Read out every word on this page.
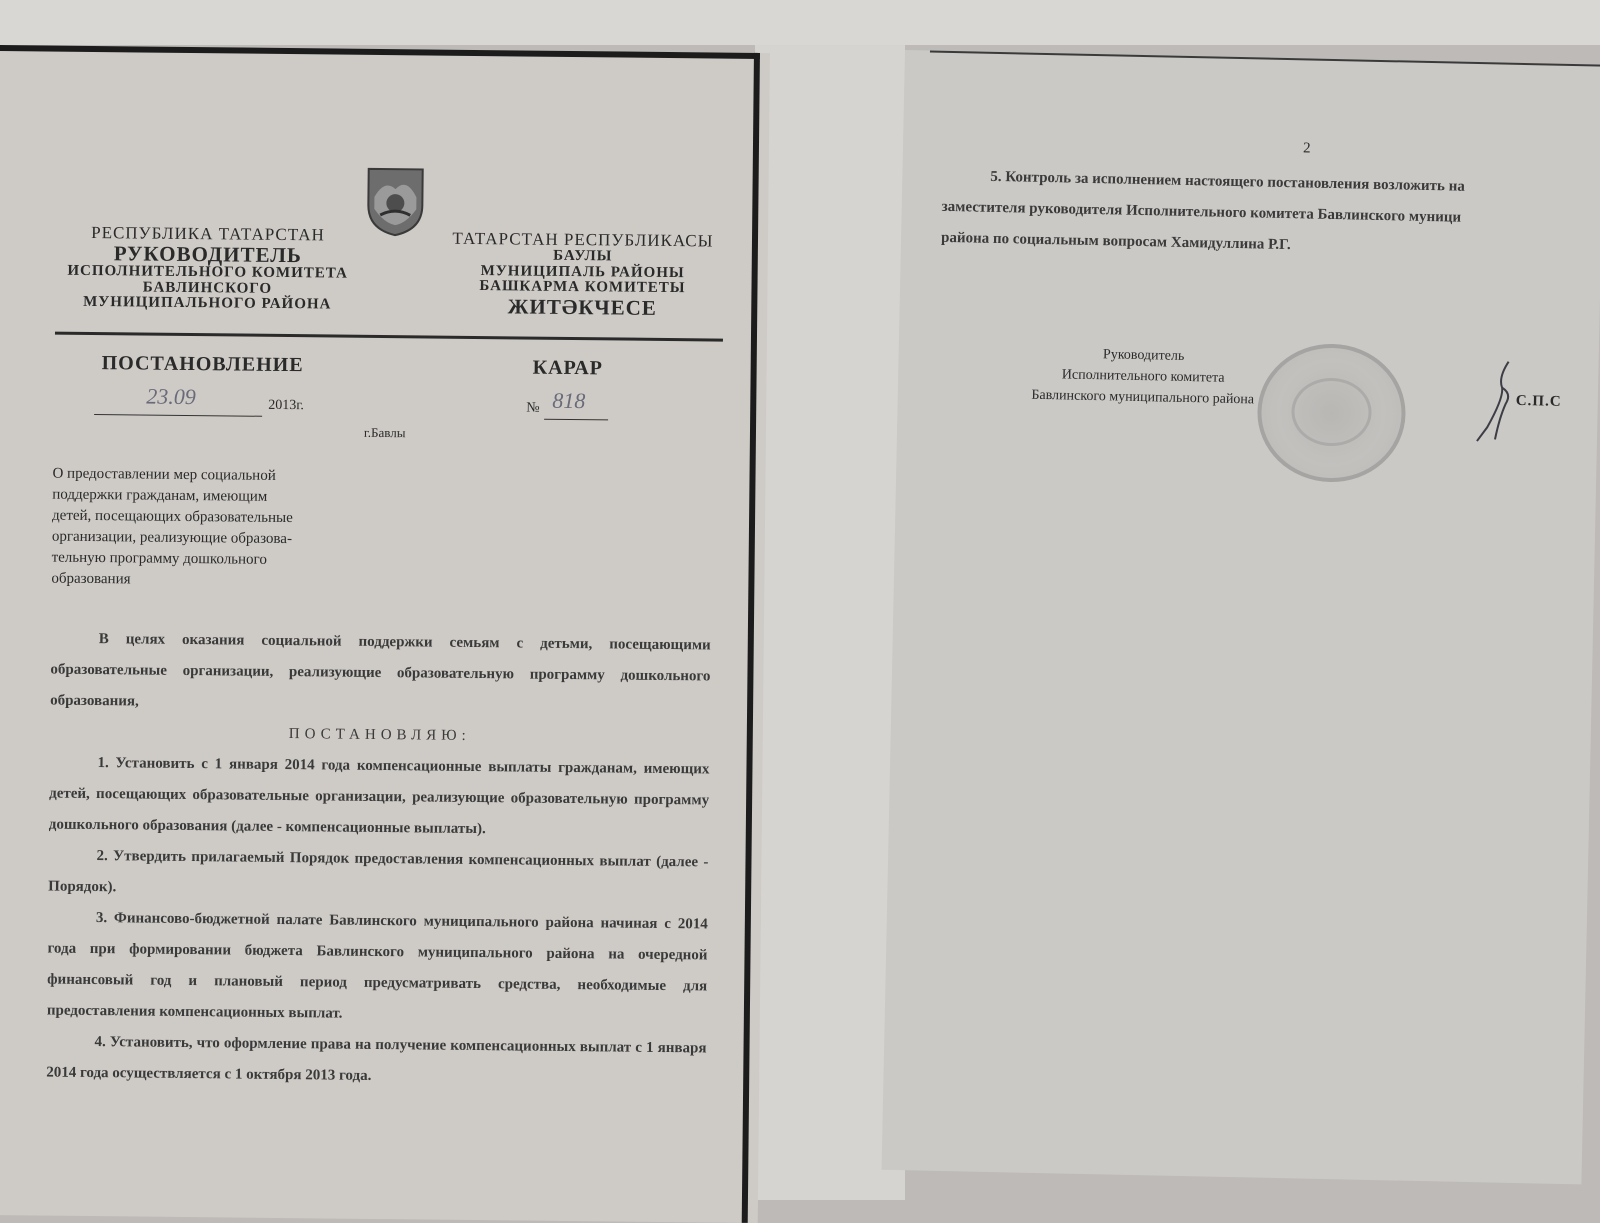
РЕСПУБЛИКА ТАТАРСТАН
РУКОВОДИТЕЛЬ
ИСПОЛНИТЕЛЬНОГО КОМИТЕТА
БАВЛИНСКОГО
МУНИЦИПАЛЬНОГО РАЙОНА
ТАТАРСТАН РЕСПУБЛИКАСЫ
БАУЛЫ
МУНИЦИПАЛЬ РАЙОНЫ
БАШКАРМА КОМИТЕТЫ
ЖИТӘКЧЕСЕ
ПОСТАНОВЛЕНИЕ	КАРАР
23.09	2013г.	№ 818
г.Бавлы
О предоставлении мер социальной
поддержки гражданам, имеющим
детей, посещающих образовательные
организации, реализующие образова-
тельную программу дошкольного
образования

В целях оказания социальной поддержки семьям с детьми, посещающими образовательные организации, реализующие образовательную программу дошкольного образования,

ПОСТАНОВЛЯЮ:

1. Установить с 1 января 2014 года компенсационные выплаты гражданам, имеющих детей, посещающих образовательные организации, реализующие образовательную программу дошкольного образования (далее - компенсационные выплаты).

2. Утвердить прилагаемый Порядок предоставления компенсационных выплат (далее - Порядок).

3. Финансово-бюджетной палате Бавлинского муниципального района начиная с 2014 года при формировании бюджета Бавлинского муниципального района на очередной финансовый год и плановый период предусматривать средства, необходимые для предоставления компенсационных выплат.

4. Установить, что оформление права на получение компенсационных выплат с 1 января 2014 года осуществляется с 1 октября 2013 года.

2
5. Контроль за исполнением настоящего постановления возложить на
заместителя руководителя Исполнительного комитета Бавлинского муници
района по социальным вопросам Хамидуллина Р.Г.
Руководитель
Исполнительного комитета
Бавлинского муниципального района	С.П.С
